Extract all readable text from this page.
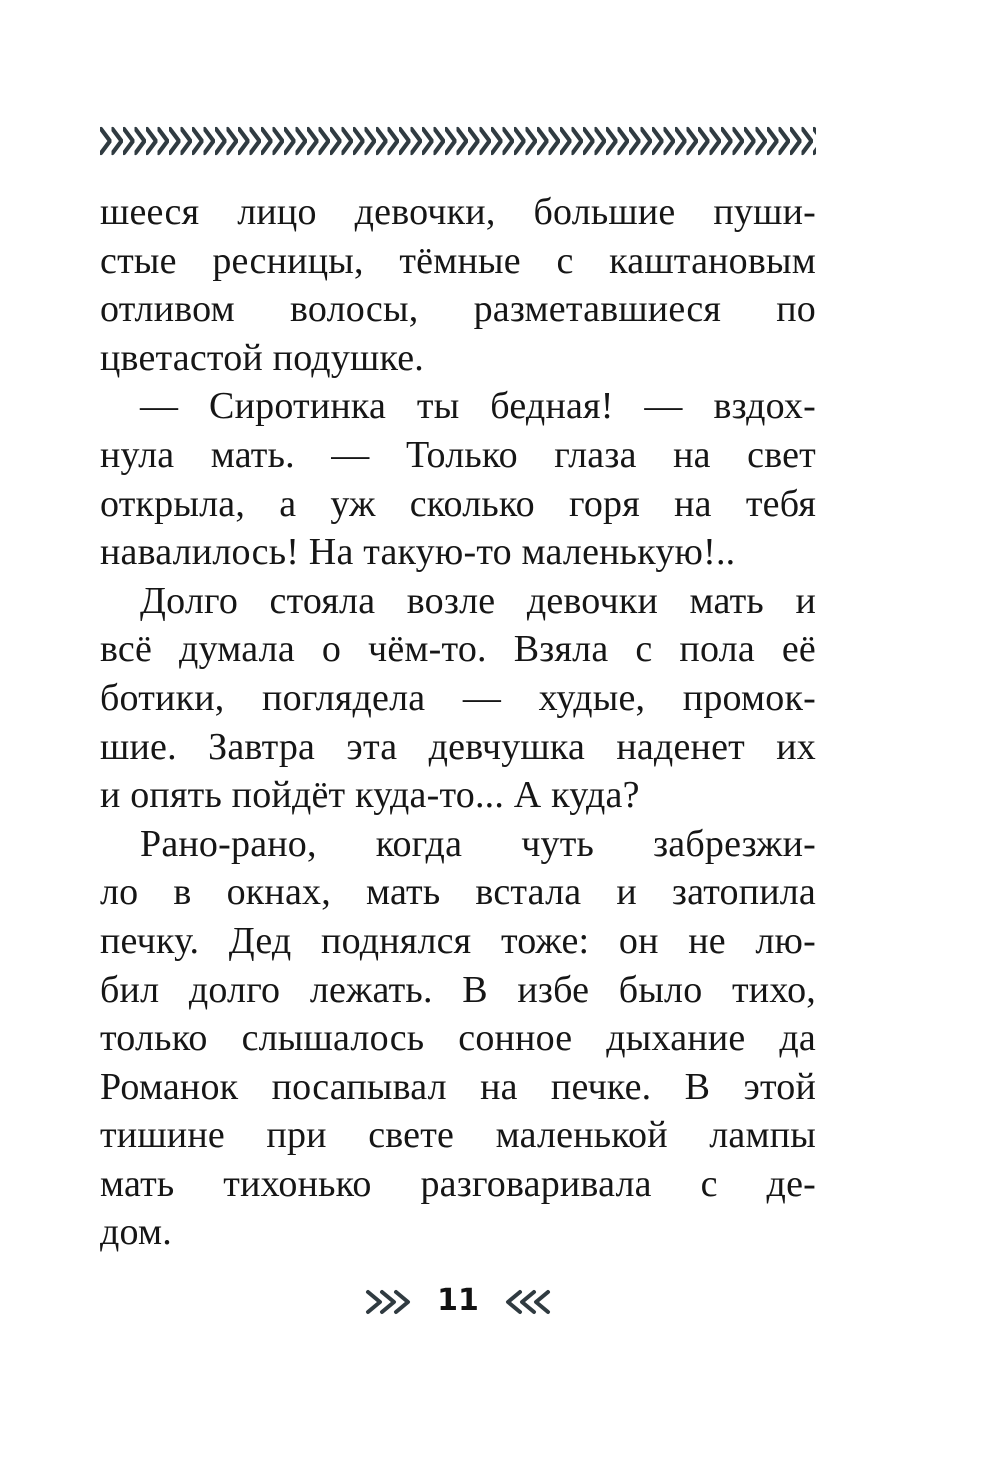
шееся лицо девочки, большие пуши-
стые ресницы, тёмные с каштановым
отливом волосы, разметавшиеся по
цветастой подушке.
— Сиротинка ты бедная! — вздох-
нула мать. — Только глаза на свет
открыла, а уж сколько горя на тебя
навалилось! На такую-то маленькую!..
Долго стояла возле девочки мать и
всё думала о чём-то. Взяла с пола её
ботики, поглядела — худые, промок-
шие. Завтра эта девчушка наденет их
и опять пойдёт куда-то... А куда?
Рано-рано, когда чуть забрезжи-
ло в окнах, мать встала и затопила
печку. Дед поднялся тоже: он не лю-
бил долго лежать. В избе было тихо,
только слышалось сонное дыхание да
Романок посапывал на печке. В этой
тишине при свете маленькой лампы
мать тихонько разговаривала с де-
дом.
11
